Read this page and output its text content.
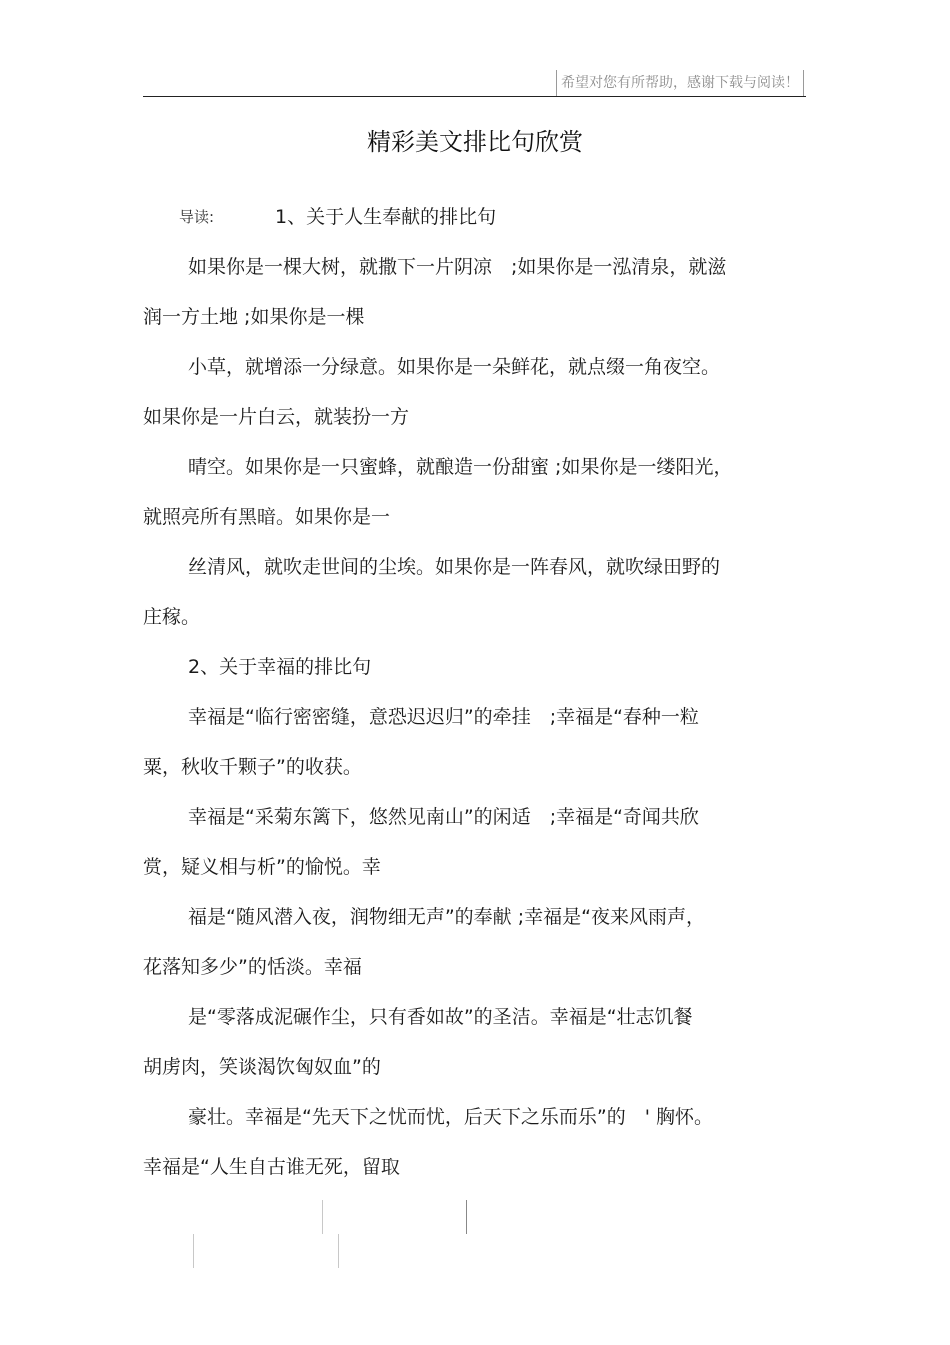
希望对您有所帮助，感谢下载与阅读！
精彩美文排比句欣赏
导读:	1、关于人生奉献的排比句
如果你是一棵大树，就撒下一片阴凉　;如果你是一泓清泉，就滋
润一方土地 ;如果你是一棵
小草，就增添一分绿意。如果你是一朵鲜花，就点缀一角夜空。
如果你是一片白云，就装扮一方
晴空。如果你是一只蜜蜂，就酿造一份甜蜜 ;如果你是一缕阳光，
就照亮所有黑暗。如果你是一
丝清风，就吹走世间的尘埃。如果你是一阵春风，就吹绿田野的
庄稼。
2、关于幸福的排比句
幸福是“临行密密缝，意恐迟迟归”的牵挂　;幸福是“春种一粒
粟，秋收千颗子”的收获。
幸福是“采菊东篱下，悠然见南山”的闲适　;幸福是“奇闻共欣
赏，疑义相与析”的愉悦。幸
福是“随风潜入夜，润物细无声”的奉献 ;幸福是“夜来风雨声，
花落知多少”的恬淡。幸福
是“零落成泥碾作尘，只有香如故”的圣洁。幸福是“壮志饥餐
胡虏肉，笑谈渴饮匈奴血”的
豪壮。幸福是“先天下之忧而忧，后天下之乐而乐”的　' 胸怀。
幸福是“人生自古谁无死，留取
